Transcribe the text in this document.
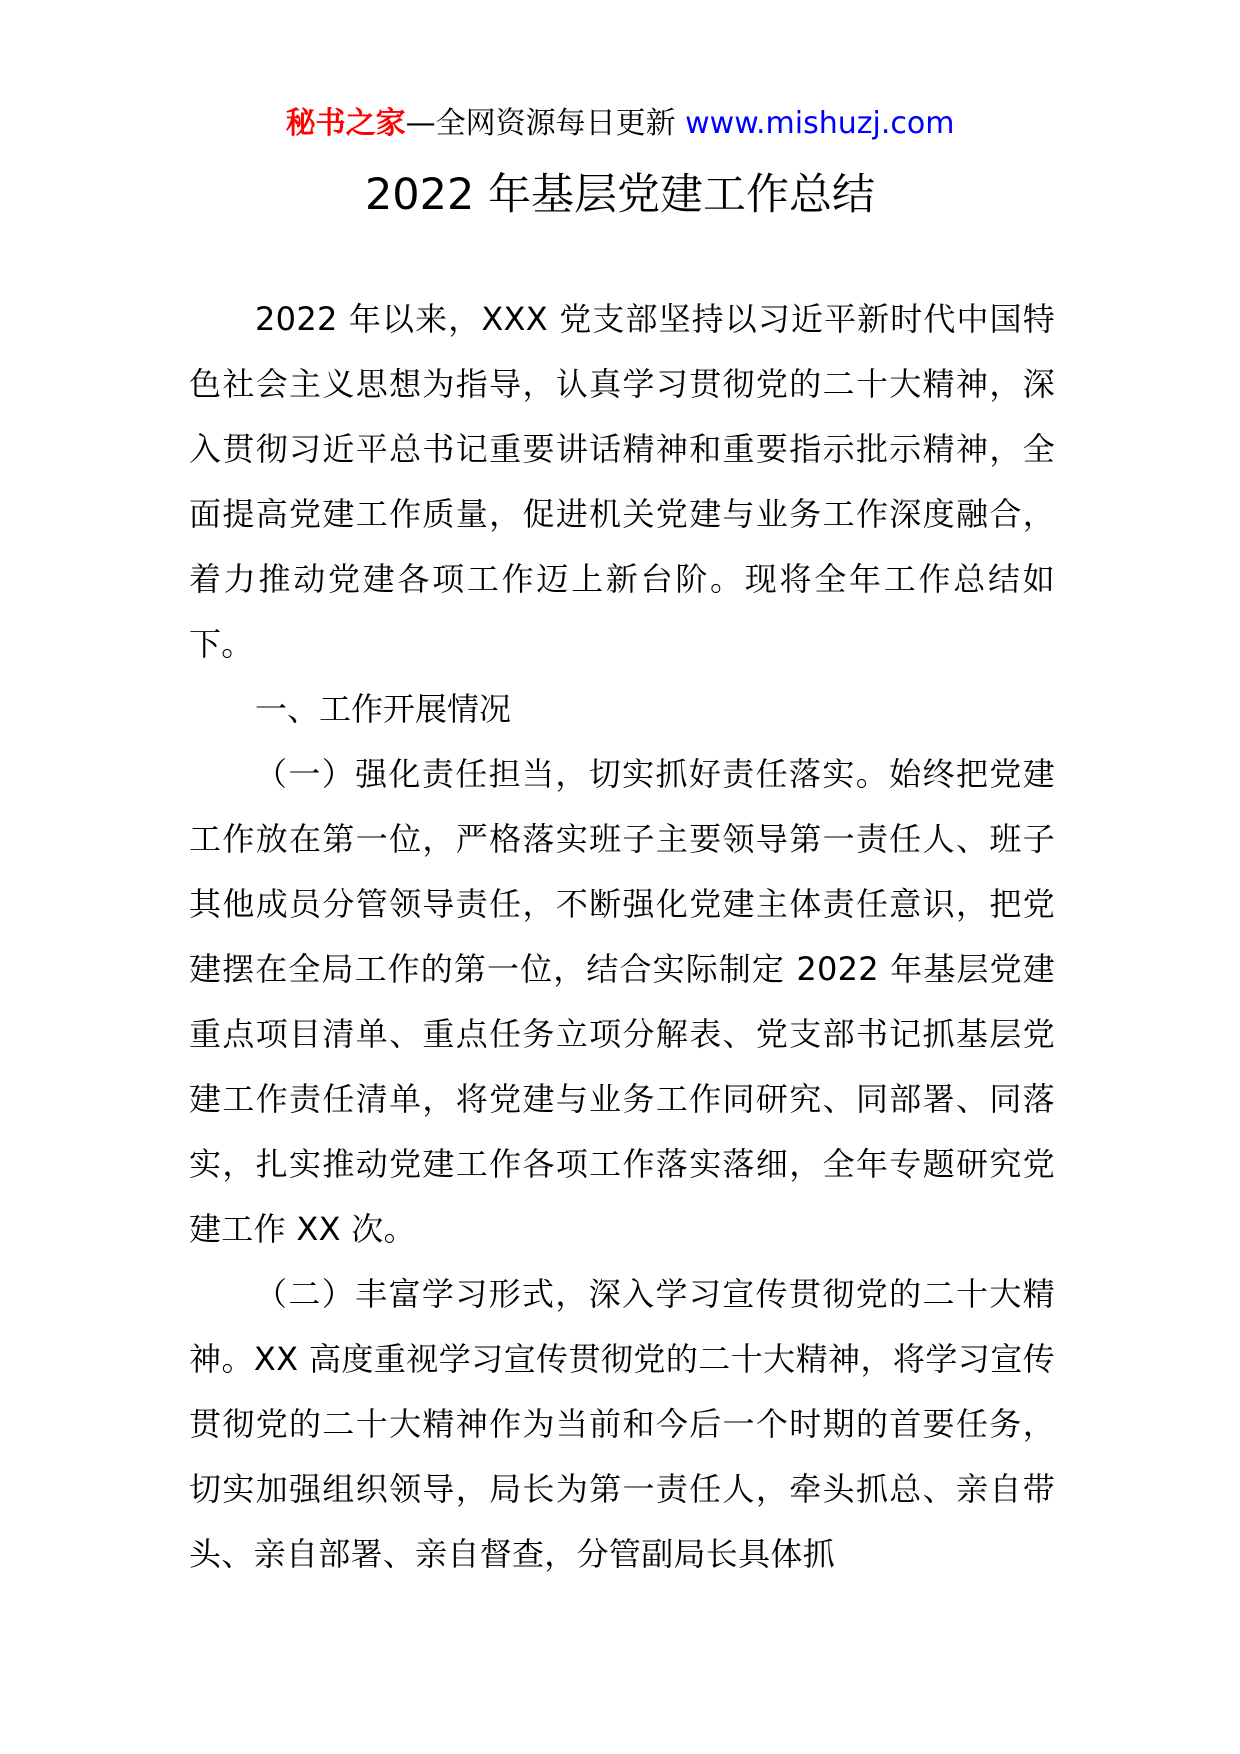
秘书之家—全网资源每日更新 www.mishuzj.com
2022 年基层党建工作总结

2022 年以来，XXX 党支部坚持以习近平新时代中国特色社会主义思想为指导，认真学习贯彻党的二十大精神，深入贯彻习近平总书记重要讲话精神和重要指示批示精神，全面提高党建工作质量，促进机关党建与业务工作深度融合，着力推动党建各项工作迈上新台阶。现将全年工作总结如下。

一、工作开展情况

（一）强化责任担当，切实抓好责任落实。始终把党建工作放在第一位，严格落实班子主要领导第一责任人、班子其他成员分管领导责任，不断强化党建主体责任意识，把党建摆在全局工作的第一位，结合实际制定 2022 年基层党建重点项目清单、重点任务立项分解表、党支部书记抓基层党建工作责任清单，将党建与业务工作同研究、同部署、同落实，扎实推动党建工作各项工作落实落细，全年专题研究党建工作 XX 次。

（二）丰富学习形式，深入学习宣传贯彻党的二十大精神。XX 高度重视学习宣传贯彻党的二十大精神，将学习宣传贯彻党的二十大精神作为当前和今后一个时期的首要任务，切实加强组织领导，局长为第一责任人，牵头抓总、亲自带头、亲自部署、亲自督查，分管副局长具体抓
